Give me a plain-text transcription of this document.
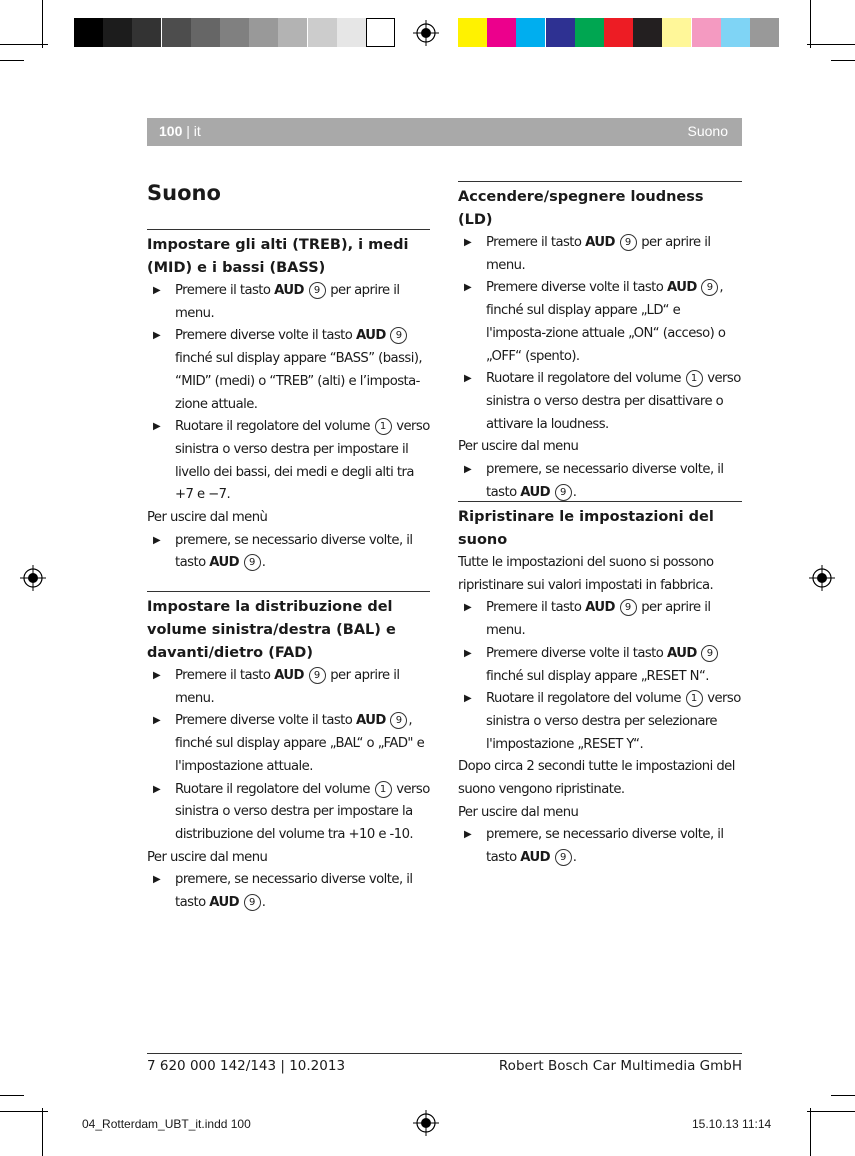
100 | it	Suono
Suono
Impostare gli alti (TREB), i medi (MID) e i bassi (BASS)
▶ Premere il tasto AUD 9 per aprire il menu.
▶ Premere diverse volte il tasto AUD 9 finché sul display appare “BASS” (bassi), “MID” (medi) o “TREB” (alti) e l’imposta-zione attuale.
▶ Ruotare il regolatore del volume 1 verso sinistra o verso destra per impostare il livello dei bassi, dei medi e degli alti tra +7 e −7.
Per uscire dal menù
▶ premere, se necessario diverse volte, il tasto AUD 9 .
Impostare la distribuzione del volume sinistra/destra (BAL) e davanti/dietro (FAD)
▶ Premere il tasto AUD 9 per aprire il menu.
▶ Premere diverse volte il tasto AUD 9 , finché sul display appare „BAL“ o „FAD" e l'impostazione attuale.
▶ Ruotare il regolatore del volume 1 verso sinistra o verso destra per impostare la distribuzione del volume tra +10 e -10.
Per uscire dal menu
▶ premere, se necessario diverse volte, il tasto AUD 9 .
Accendere/spegnere loudness (LD)
▶ Premere il tasto AUD 9 per aprire il menu.
▶ Premere diverse volte il tasto AUD 9 , finché sul display appare „LD“ e l'imposta-zione attuale „ON“ (acceso) o „OFF“ (spento).
▶ Ruotare il regolatore del volume 1 verso sinistra o verso destra per disattivare o attivare la loudness.
Per uscire dal menu
▶ premere, se necessario diverse volte, il tasto AUD 9 .
Ripristinare le impostazioni del suono
Tutte le impostazioni del suono si possono ripristinare sui valori impostati in fabbrica.
▶ Premere il tasto AUD 9 per aprire il menu.
▶ Premere diverse volte il tasto AUD 9 finché sul display appare „RESET N“.
▶ Ruotare il regolatore del volume 1 verso sinistra o verso destra per selezionare l'impostazione „RESET Y“.
Dopo circa 2 secondi tutte le impostazioni del suono vengono ripristinate.
Per uscire dal menu
▶ premere, se necessario diverse volte, il tasto AUD 9 .
7 620 000 142/143 | 10.2013	Robert Bosch Car Multimedia GmbH
04_Rotterdam_UBT_it.indd 100	15.10.13 11:14
